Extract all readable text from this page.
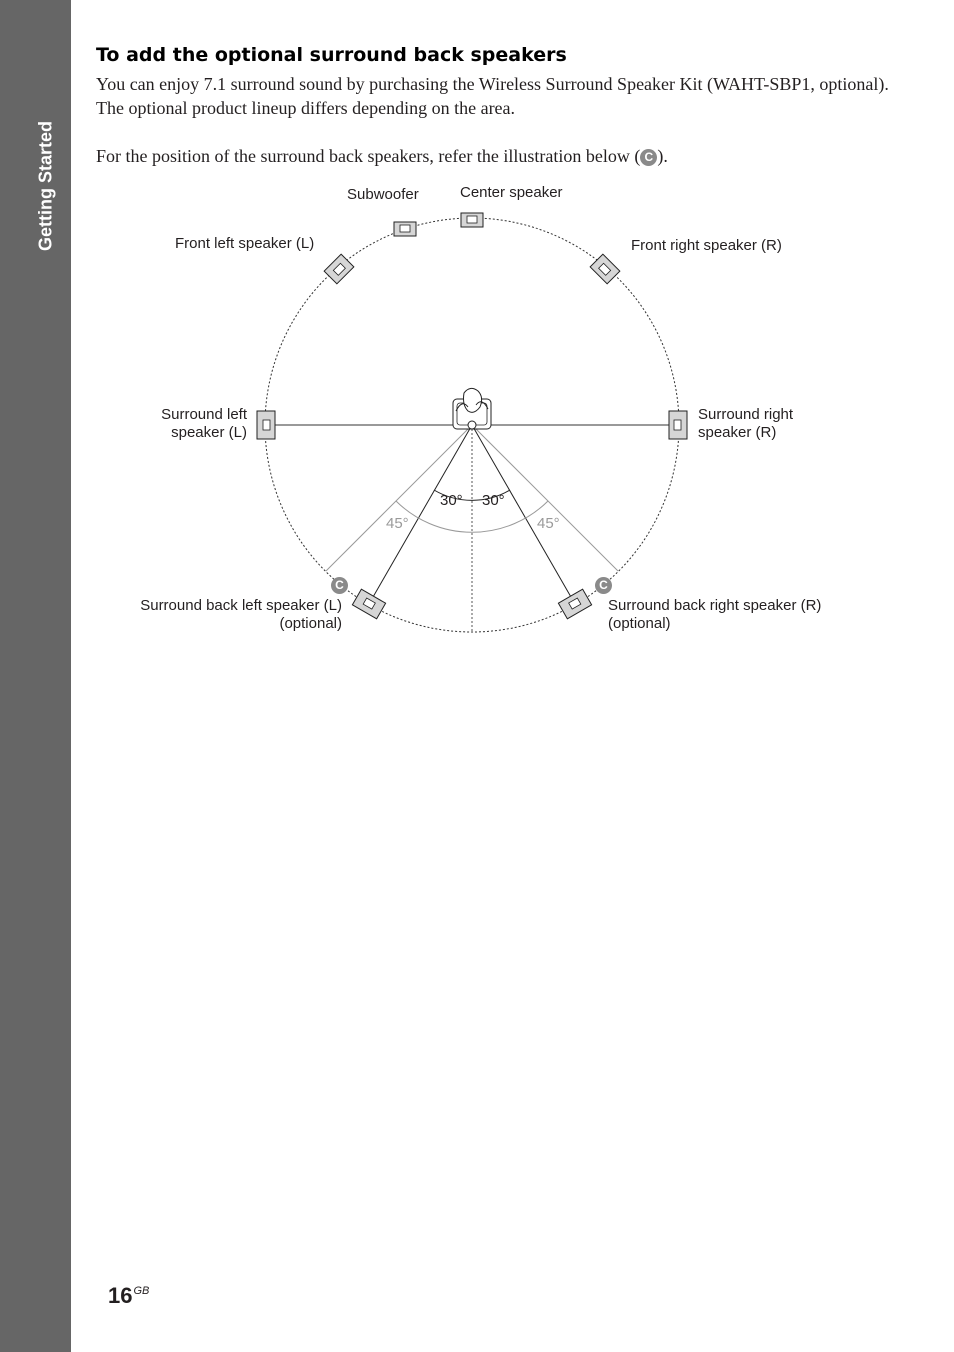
Getting Started
To add the optional surround back speakers

You can enjoy 7.1 surround sound by purchasing the Wireless Surround Speaker Kit (WAHT-SBP1, optional). The optional product lineup differs depending on the area.

For the position of the surround back speakers, refer the illustration below ( C ).

Subwoofer	Center speaker
Front left speaker (L)	Front right speaker (R)
Surround left
speaker (L)
Surround right
speaker (R)
Surround back left speaker (L)
(optional)
Surround back right speaker (R)
(optional)
30° 30°
45°	45°
C	C
$16^{GB}$
